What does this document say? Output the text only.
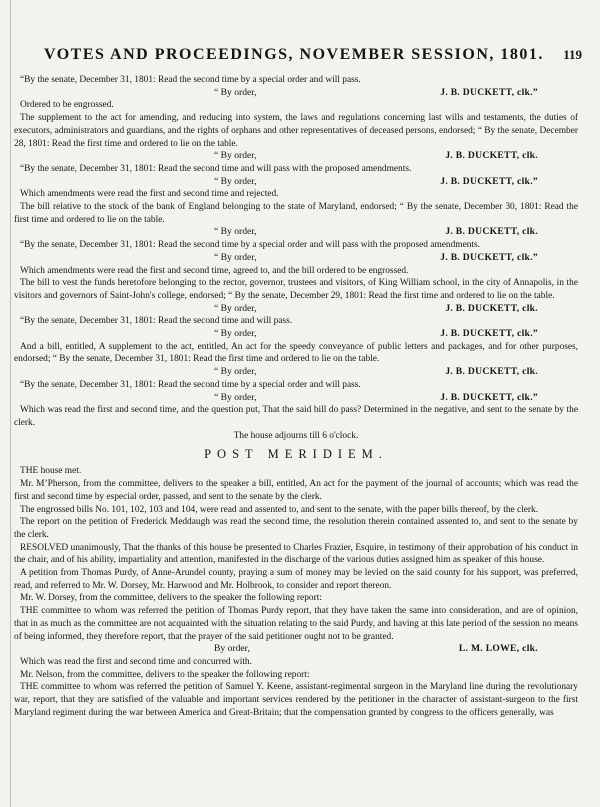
VOTES AND PROCEEDINGS, NOVEMBER SESSION, 1801. 119

“By the senate, December 31, 1801: Read the second time by a special order and will pass.

“ By order,	J. B. DUCKETT, clk.”

Ordered to be engrossed.

The supplement to the act for amending, and reducing into system, the laws and regulations concerning last wills and testaments, the duties of executors, administrators and guardians, and the rights of orphans and other representatives of deceased persons, endorsed; “ By the senate, December 28, 1801: Read the first time and ordered to lie on the table.

“ By order,	J. B. DUCKETT, clk.

“By the senate, December 31, 1801: Read the second time and will pass with the proposed amendments.

“ By order,	J. B. DUCKETT, clk.”

Which amendments were read the first and second time and rejected.

The bill relative to the stock of the bank of England belonging to the state of Maryland, endorsed; “ By the senate, December 30, 1801: Read the first time and ordered to lie on the table.

“ By order,	J. B. DUCKETT, clk.

“By the senate, December 31, 1801: Read the second time by a special order and will pass with the proposed amendments.

“ By order,	J. B. DUCKETT, clk.”

Which amendments were read the first and second time, agreed to, and the bill ordered to be engrossed.

The bill to vest the funds heretofore belonging to the rector, governor, trustees and visitors, of King William school, in the city of Annapolis, in the visitors and governors of Saint-John's college, endorsed; “ By the senate, December 29, 1801: Read the first time and ordered to lie on the table.

“ By order,	J. B. DUCKETT, clk.

“By the senate, December 31, 1801: Read the second time and will pass.

“ By order,	J. B. DUCKETT, clk.”

And a bill, entitled, A supplement to the act, entitled, An act for the speedy conveyance of public letters and packages, and for other purposes, endorsed; “ By the senate, December 31, 1801: Read the first time and ordered to lie on the table.

“ By order,	J. B. DUCKETT, clk.

“By the senate, December 31, 1801: Read the second time by a special order and will pass.

“ By order,	J. B. DUCKETT, clk.”

Which was read the first and second time, and the question put, That the said bill do pass? Determined in the negative, and sent to the senate by the clerk.

The house adjourns till 6 o'clock.

POST MERIDIEM.

THE house met.

Mr. MʼPherson, from the committee, delivers to the speaker a bill, entitled, An act for the payment of the journal of accounts; which was read the first and second time by especial order, passed, and sent to the senate by the clerk.

The engrossed bills No. 101, 102, 103 and 104, were read and assented to, and sent to the senate, with the paper bills thereof, by the clerk.

The report on the petition of Frederick Meddaugh was read the second time, the resolution therein contained assented to, and sent to the senate by the clerk.

RESOLVED unanimously, That the thanks of this house be presented to Charles Frazier, Esquire, in testimony of their approbation of his conduct in the chair, and of his ability, impartiality and attention, manifested in the discharge of the various duties assigned him as speaker of this house.

A petition from Thomas Purdy, of Anne-Arundel county, praying a sum of money may be levied on the said county for his support, was preferred, read, and referred to Mr. W. Dorsey, Mr. Harwood and Mr. Holbrook, to consider and report thereon.

Mr. W. Dorsey, from the committee, delivers to the speaker the following report:

THE committee to whom was referred the petition of Thomas Purdy report, that they have taken the same into consideration, and are of opinion, that in as much as the committee are not acquainted with the situation relating to the said Purdy, and having at this late period of the session no means of being informed, they therefore report, that the prayer of the said petitioner ought not to be granted.

By order,	L. M. LOWE, clk.

Which was read the first and second time and concurred with.

Mr. Nelson, from the committee, delivers to the speaker the following report:

THE committee to whom was referred the petition of Samuel Y. Keene, assistant-regimental surgeon in the Maryland line during the revolutionary war, report, that they are satisfied of the valuable and important services rendered by the petitioner in the character of assistant-surgeon to the first Maryland regiment during the war between America and Great-Britain; that the compensation granted by congress to the officers generally, was
